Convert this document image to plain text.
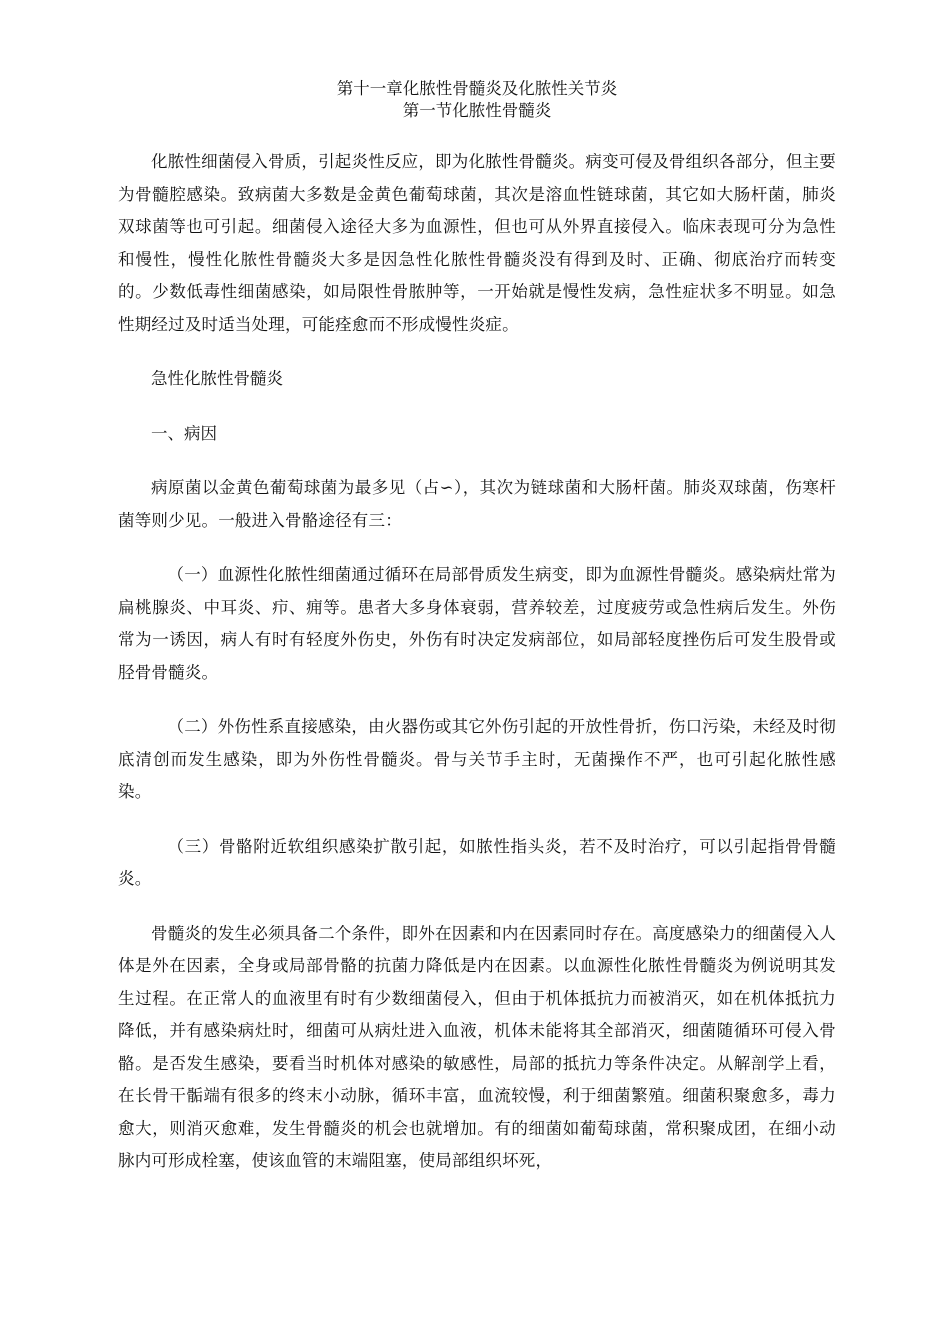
第十一章化脓性骨髓炎及化脓性关节炎

第一节化脓性骨髓炎

化脓性细菌侵入骨质，引起炎性反应，即为化脓性骨髓炎。病变可侵及骨组织各部分，但主要为骨髓腔感染。致病菌大多数是金黄色葡萄球菌，其次是溶血性链球菌，其它如大肠杆菌，肺炎双球菌等也可引起。细菌侵入途径大多为血源性，但也可从外界直接侵入。临床表现可分为急性和慢性，慢性化脓性骨髓炎大多是因急性化脓性骨髓炎没有得到及时、正确、彻底治疗而转变的。少数低毒性细菌感染，如局限性骨脓肿等，一开始就是慢性发病，急性症状多不明显。如急性期经过及时适当处理，可能痊愈而不形成慢性炎症。

急性化脓性骨髓炎

一、病因

病原菌以金黄色葡萄球菌为最多见（占∽），其次为链球菌和大肠杆菌。肺炎双球菌，伤寒杆菌等则少见。一般进入骨骼途径有三：

（一）血源性化脓性细菌通过循环在局部骨质发生病变，即为血源性骨髓炎。感染病灶常为扁桃腺炎、中耳炎、疖、痈等。患者大多身体衰弱，营养较差，过度疲劳或急性病后发生。外伤常为一诱因，病人有时有轻度外伤史，外伤有时决定发病部位，如局部轻度挫伤后可发生股骨或胫骨骨髓炎。

（二）外伤性系直接感染，由火器伤或其它外伤引起的开放性骨折，伤口污染，未经及时彻底清创而发生感染，即为外伤性骨髓炎。骨与关节手主时，无菌操作不严，也可引起化脓性感染。

（三）骨骼附近软组织感染扩散引起，如脓性指头炎，若不及时治疗，可以引起指骨骨髓炎。

骨髓炎的发生必须具备二个条件，即外在因素和内在因素同时存在。高度感染力的细菌侵入人体是外在因素，全身或局部骨骼的抗菌力降低是内在因素。以血源性化脓性骨髓炎为例说明其发生过程。在正常人的血液里有时有少数细菌侵入，但由于机体抵抗力而被消灭，如在机体抵抗力降低，并有感染病灶时，细菌可从病灶进入血液，机体未能将其全部消灭，细菌随循环可侵入骨骼。是否发生感染，要看当时机体对感染的敏感性，局部的抵抗力等条件决定。从解剖学上看，在长骨干骺端有很多的终末小动脉，循环丰富，血流较慢，利于细菌繁殖。细菌积聚愈多，毒力愈大，则消灭愈难，发生骨髓炎的机会也就增加。有的细菌如葡萄球菌，常积聚成团，在细小动脉内可形成栓塞，使该血管的末端阻塞，使局部组织坏死，
